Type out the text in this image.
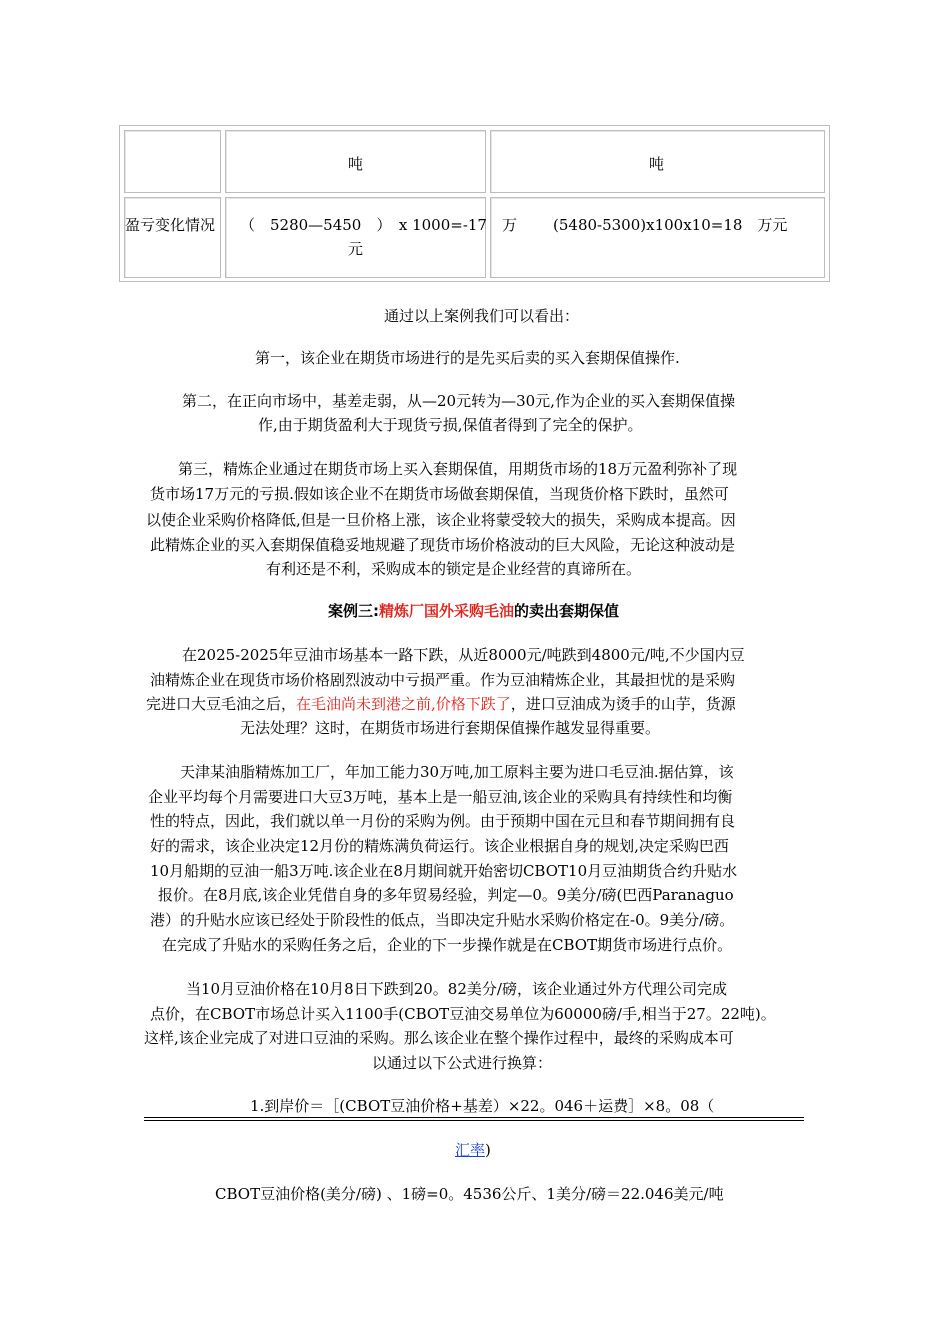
吨	吨
盈亏变化情况 （　5280—5450　）　x 1000=-17　万
元
(5480-5300)x100x10=18　万元
通过以上案例我们可以看出：
第一，该企业在期货市场进行的是先买后卖的买入套期保值操作.
第二，在正向市场中，基差走弱，从—20元转为—30元,作为企业的买入套期保值操
作,由于期货盈利大于现货亏损,保值者得到了完全的保护。
第三，精炼企业通过在期货市场上买入套期保值，用期货市场的18万元盈利弥补了现
货市场17万元的亏损.假如该企业不在期货市场做套期保值，当现货价格下跌时，虽然可
以使企业采购价格降低,但是一旦价格上涨，该企业将蒙受较大的损失，采购成本提高。因
此精炼企业的买入套期保值稳妥地规避了现货市场价格波动的巨大风险，无论这种波动是
有利还是不利，采购成本的锁定是企业经营的真谛所在。
案例三:精炼厂国外采购毛油的卖出套期保值
在2025-2025年豆油市场基本一路下跌，从近8000元/吨跌到4800元/吨,不少国内豆
油精炼企业在现货市场价格剧烈波动中亏损严重。作为豆油精炼企业，其最担忧的是采购
完进口大豆毛油之后，在毛油尚未到港之前,价格下跌了，进口豆油成为烫手的山芋，货源
无法处理？这时，在期货市场进行套期保值操作越发显得重要。
天津某油脂精炼加工厂，年加工能力30万吨,加工原料主要为进口毛豆油.据估算，该
企业平均每个月需要进口大豆3万吨，基本上是一船豆油,该企业的采购具有持续性和均衡
性的特点，因此，我们就以单一月份的采购为例。由于预期中国在元旦和春节期间拥有良
好的需求，该企业决定12月份的精炼满负荷运行。该企业根据自身的规划,决定采购巴西
10月船期的豆油一船3万吨.该企业在8月期间就开始密切CBOT10月豆油期货合约升贴水
报价。在8月底,该企业凭借自身的多年贸易经验，判定—0。9美分/磅(巴西Paranaguo
港）的升贴水应该已经处于阶段性的低点，当即决定升贴水采购价格定在-0。9美分/磅。
在完成了升贴水的采购任务之后，企业的下一步操作就是在CBOT期货市场进行点价。
当10月豆油价格在10月8日下跌到20。82美分/磅，该企业通过外方代理公司完成
点价，在CBOT市场总计买入1100手(CBOT豆油交易单位为60000磅/手,相当于27。22吨)。
这样,该企业完成了对进口豆油的采购。那么该企业在整个操作过程中，最终的采购成本可
以通过以下公式进行换算：
1.到岸价＝［(CBOT豆油价格+基差）×22。046＋运费］×8。08（
汇率)
CBOT豆油价格(美分/磅) 、1磅=0。4536公斤、1美分/磅＝22.046美元/吨
